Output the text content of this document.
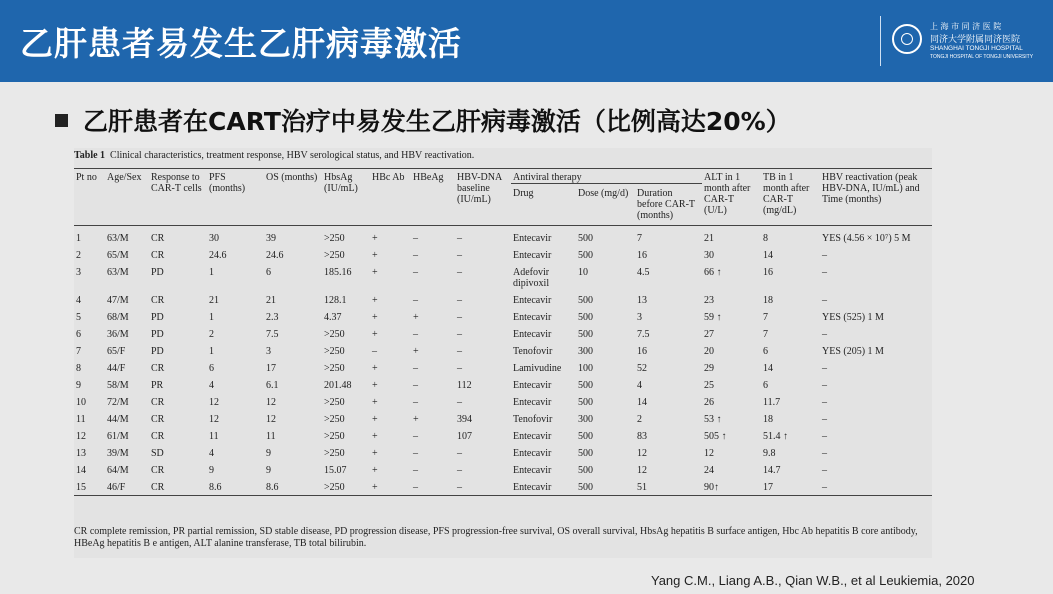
乙肝患者易发生乙肝病毒激活	上 海 市 同 济 医 院
同济大学附属同济医院
SHANGHAI TONGJI HOSPITAL
TONGJI HOSPITAL OF TONGJI UNIVERSITY
乙肝患者在CART治疗中易发生乙肝病毒激活（比例高达20%）
Table 1 Clinical characteristics, treatment response, HBV serological status, and HBV reactivation.
Pt no	Age/Sex	Response to CAR-T cells	PFS (months)	OS (months)	HbsAg (IU/mL)	HBc Ab	HBeAg	HBV-DNA baseline (IU/mL)	Antiviral therapy			ALT in 1 month after CAR-T (U/L)	TB in 1 month after CAR-T (mg/dL)	HBV reactivation (peak HBV-DNA, IU/mL) and Time (months)
									Drug	Dose (mg/d)	Duration before CAR-T (months)			
1	63/M	CR	30	39	>250	+	–	–	Entecavir	500	7	21	8	YES (4.56 × 10⁷) 5 M
2	65/M	CR	24.6	24.6	>250	+	–	–	Entecavir	500	16	30	14	–
3	63/M	PD	1	6	185.16	+	–	–	Adefovir dipivoxil	10	4.5	66 ↑	16	–
4	47/M	CR	21	21	128.1	+	–	–	Entecavir	500	13	23	18	–
5	68/M	PD	1	2.3	4.37	+	+	–	Entecavir	500	3	59 ↑	7	YES (525) 1 M
6	36/M	PD	2	7.5	>250	+	–	–	Entecavir	500	7.5	27	7	–
7	65/F	PD	1	3	>250	–	+	–	Tenofovir	300	16	20	6	YES (205) 1 M
8	44/F	CR	6	17	>250	+	–	–	Lamivudine	100	52	29	14	–
9	58/M	PR	4	6.1	201.48	+	–	112	Entecavir	500	4	25	6	–
10	72/M	CR	12	12	>250	+	–	–	Entecavir	500	14	26	11.7	–
11	44/M	CR	12	12	>250	+	+	394	Tenofovir	300	2	53 ↑	18	–
12	61/M	CR	11	11	>250	+	–	107	Entecavir	500	83	505 ↑	51.4 ↑	–
13	39/M	SD	4	9	>250	+	–	–	Entecavir	500	12	12	9.8	–
14	64/M	CR	9	9	15.07	+	–	–	Entecavir	500	12	24	14.7	–
15	46/F	CR	8.6	8.6	>250	+	–	–	Entecavir	500	51	90↑	17	–
CR complete remission, PR partial remission, SD stable disease, PD progression disease, PFS progression-free survival, OS overall survival, HbsAg hepatitis B surface antigen, Hbc Ab hepatitis B core antibody, HBeAg hepatitis B e antigen, ALT alanine transferase, TB total bilirubin.
Yang C.M., Liang A.B., Qian W.B., et al Leukiemia, 2020
